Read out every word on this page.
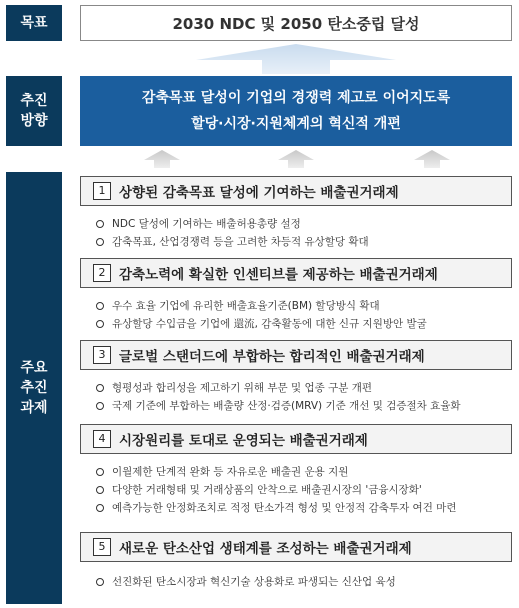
목표
추진
방향
주요
추진
과제
2030 NDC 및 2050 탄소중립 달성
감축목표 달성이 기업의 경쟁력 제고로 이어지도록
할당·시장·지원체계의 혁신적 개편
1	상향된 감축목표 달성에 기여하는 배출권거래제
NDC 달성에 기여하는 배출허용총량 설정
감축목표, 산업경쟁력 등을 고려한 차등적 유상할당 확대
2	감축노력에 확실한 인센티브를 제공하는 배출권거래제
우수 효율 기업에 유리한 배출효율기준(BM) 할당방식 확대
유상할당 수입금을 기업에 還流, 감축활동에 대한 신규 지원방안 발굴
3	글로벌 스탠더드에 부합하는 합리적인 배출권거래제
형평성과 합리성을 제고하기 위해 부문 및 업종 구분 개편
국제 기준에 부합하는 배출량 산정·검증(MRV) 기준 개선 및 검증절차 효율화
4	시장원리를 토대로 운영되는 배출권거래제
이월제한 단계적 완화 등 자유로운 배출권 운용 지원
다양한 거래형태 및 거래상품의 안착으로 배출권시장의 '금융시장화'
예측가능한 안정화조치로 적정 탄소가격 형성 및 안정적 감축투자 여건 마련
5	새로운 탄소산업 생태계를 조성하는 배출권거래제
선진화된 탄소시장과 혁신기술 상용화로 파생되는 신산업 육성
